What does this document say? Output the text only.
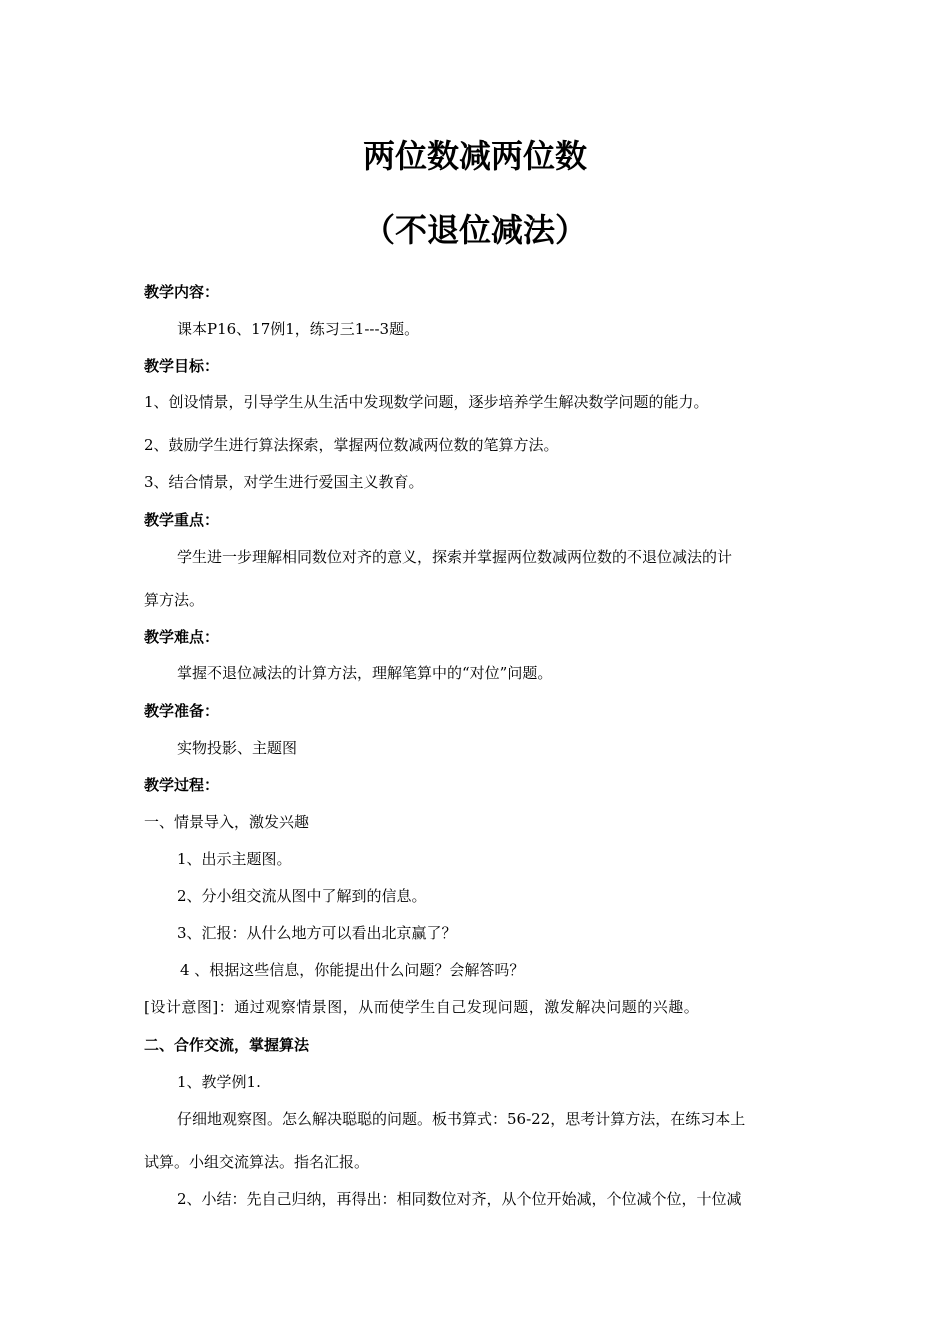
两位数减两位数
（不退位减法）
教学内容：
课本P16、17例1，练习三1---3题。
教学目标：
1、创设情景，引导学生从生活中发现数学问题，逐步培养学生解决数学问题的能力。
2、鼓励学生进行算法探索，掌握两位数减两位数的笔算方法。
3、结合情景，对学生进行爱国主义教育。
教学重点：
学生进一步理解相同数位对齐的意义，探索并掌握两位数减两位数的不退位减法的计
算方法。
教学难点：
掌握不退位减法的计算方法，理解笔算中的“对位”问题。
教学准备：
实物投影、主题图
教学过程：
一、情景导入，激发兴趣
1、出示主题图。
2、分小组交流从图中了解到的信息。
3、汇报：从什么地方可以看出北京赢了？
4 、根据这些信息，你能提出什么问题？会解答吗？
[设计意图]：通过观察情景图，从而使学生自己发现问题，激发解决问题的兴趣。
二、合作交流，掌握算法
1、教学例1.
仔细地观察图。怎么解决聪聪的问题。板书算式：56-22，思考计算方法，在练习本上
试算。小组交流算法。指名汇报。
2、小结：先自己归纳，再得出：相同数位对齐，从个位开始减，个位减个位，十位减
